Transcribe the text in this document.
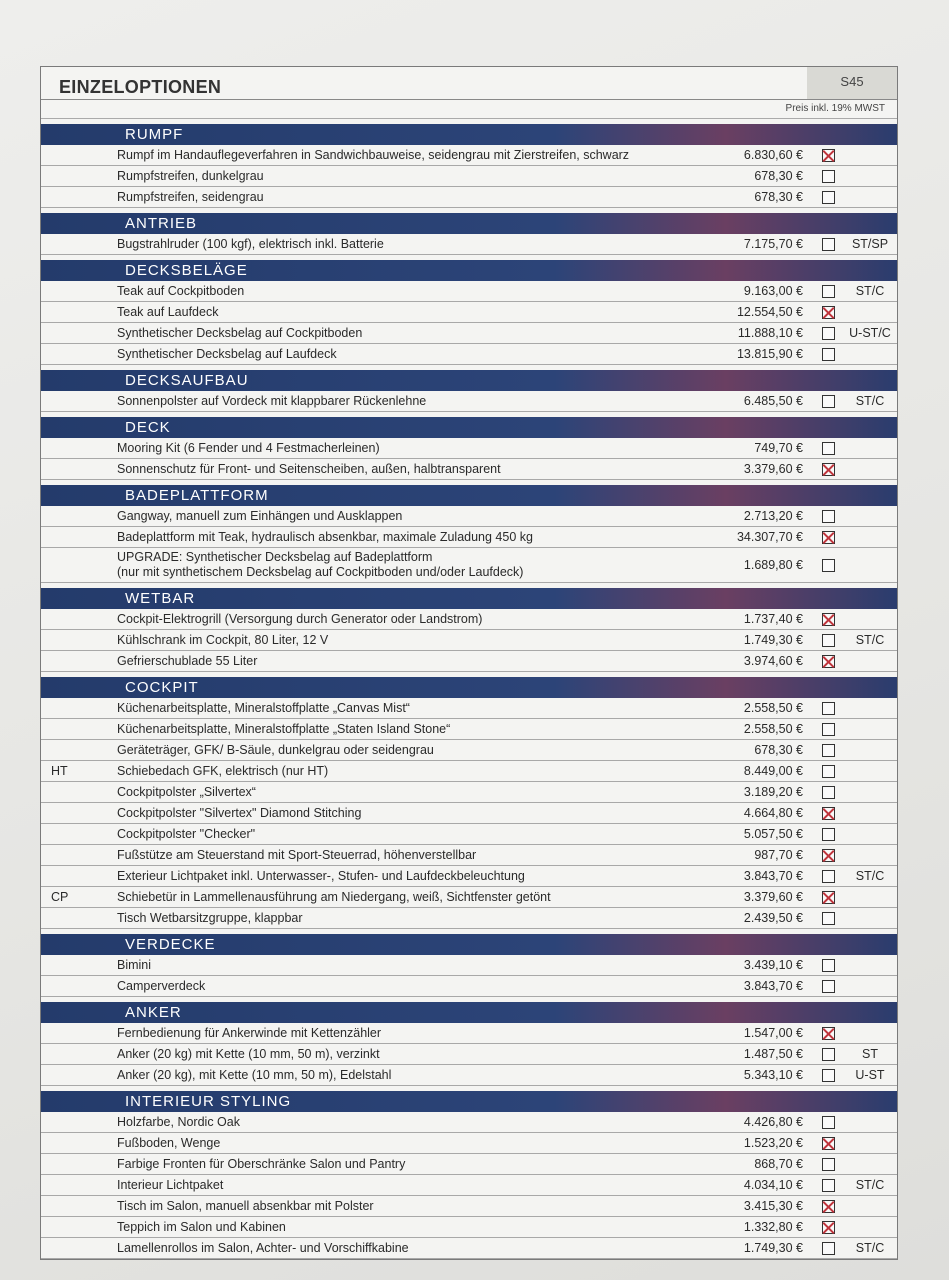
EINZELOPTIONEN	S45
Preis inkl. 19% MWST
RUMPF
Rumpf im Handauflegeverfahren in Sandwichbauweise, seidengrau mit Zierstreifen, schwarz	6.830,60 €
Rumpfstreifen, dunkelgrau	678,30 €
Rumpfstreifen, seidengrau	678,30 €
ANTRIEB
Bugstrahlruder (100 kgf), elektrisch inkl. Batterie	7.175,70 €	ST/SP
DECKSBELÄGE
Teak auf Cockpitboden	9.163,00 €	ST/C
Teak auf Laufdeck	12.554,50 €
Synthetischer Decksbelag auf Cockpitboden	11.888,10 €	U-ST/C
Synthetischer Decksbelag auf Laufdeck	13.815,90 €
DECKSAUFBAU
Sonnenpolster auf Vordeck mit klappbarer Rückenlehne	6.485,50 €	ST/C
DECK
Mooring Kit (6 Fender und 4 Festmacherleinen)	749,70 €
Sonnenschutz für Front- und Seitenscheiben, außen, halbtransparent	3.379,60 €
BADEPLATTFORM
Gangway, manuell zum Einhängen und Ausklappen	2.713,20 €
Badeplattform mit Teak, hydraulisch absenkbar, maximale Zuladung 450 kg	34.307,70 €
UPGRADE: Synthetischer Decksbelag auf Badeplattform
(nur mit synthetischem Decksbelag auf Cockpitboden und/oder Laufdeck)	1.689,80 €
WETBAR
Cockpit-Elektrogrill (Versorgung durch Generator oder Landstrom)	1.737,40 €
Kühlschrank im Cockpit, 80 Liter, 12 V	1.749,30 €	ST/C
Gefrierschublade 55 Liter	3.974,60 €
COCKPIT
Küchenarbeitsplatte, Mineralstoffplatte „Canvas Mist“	2.558,50 €
Küchenarbeitsplatte, Mineralstoffplatte „Staten Island Stone“	2.558,50 €
Geräteträger, GFK/ B-Säule, dunkelgrau oder seidengrau	678,30 €
HT	Schiebedach GFK, elektrisch (nur HT)	8.449,00 €
Cockpitpolster „Silvertex“	3.189,20 €
Cockpitpolster "Silvertex" Diamond Stitching	4.664,80 €
Cockpitpolster "Checker"	5.057,50 €
Fußstütze am Steuerstand mit Sport-Steuerrad, höhenverstellbar	987,70 €
Exterieur Lichtpaket inkl. Unterwasser-, Stufen- und Laufdeckbeleuchtung	3.843,70 €	ST/C
CP	Schiebetür in Lammellenausführung am Niedergang, weiß, Sichtfenster getönt	3.379,60 €
Tisch Wetbarsitzgruppe, klappbar	2.439,50 €
VERDECKE
Bimini	3.439,10 €
Camperverdeck	3.843,70 €
ANKER
Fernbedienung für Ankerwinde mit Kettenzähler	1.547,00 €
Anker (20 kg) mit Kette (10 mm, 50 m), verzinkt	1.487,50 €	ST
Anker (20 kg), mit Kette (10 mm, 50 m), Edelstahl	5.343,10 €	U-ST
INTERIEUR STYLING
Holzfarbe, Nordic Oak	4.426,80 €
Fußboden, Wenge	1.523,20 €
Farbige Fronten für Oberschränke Salon und Pantry	868,70 €
Interieur Lichtpaket	4.034,10 €	ST/C
Tisch im Salon, manuell absenkbar mit Polster	3.415,30 €
Teppich im Salon und Kabinen	1.332,80 €
Lamellenrollos im Salon, Achter- und Vorschiffkabine	1.749,30 €	ST/C
